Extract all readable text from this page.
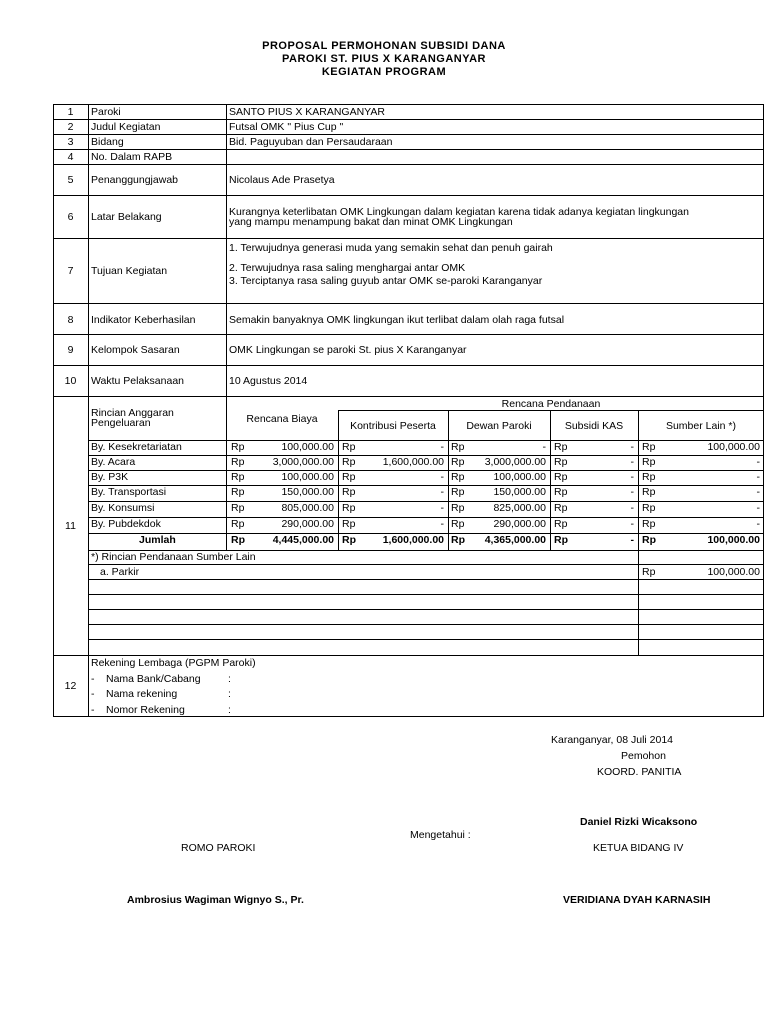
PROPOSAL PERMOHONAN SUBSIDI DANA
PAROKI ST. PIUS X KARANGANYAR
KEGIATAN PROGRAM
1	Paroki	SANTO PIUS X KARANGANYAR
2	Judul Kegiatan	Futsal OMK " Pius Cup "
3	Bidang	Bid. Paguyuban dan Persaudaraan
4	No. Dalam RAPB
5	Penanggungjawab	Nicolaus Ade Prasetya
6	Latar Belakang	Kurangnya keterlibatan OMK Lingkungan dalam kegiatan karena tidak adanya kegiatan lingkungan
yang mampu menampung bakat dan minat OMK Lingkungan
7	Tujuan Kegiatan
1. Terwujudnya generasi muda yang semakin sehat dan penuh gairah
2. Terwujudnya rasa saling menghargai antar OMK
3. Terciptanya rasa saling guyub antar OMK se-paroki Karanganyar
8	Indikator Keberhasilan	Semakin banyaknya OMK lingkungan ikut terlibat dalam olah raga futsal
9	Kelompok Sasaran	OMK Lingkungan se paroki St. pius X Karanganyar
10	Waktu Pelaksanaan	10 Agustus 2014
11
Rincian Anggaran
Pengeluaran	Rencana Biaya
Rencana Pendanaan
Kontribusi Peserta	Dewan Paroki	Subsidi KAS	Sumber Lain *)
By. Kesekretariatan	Rp	100,000.00 Rp	- Rp	- Rp	- Rp	100,000.00
By. Acara	Rp	3,000,000.00 Rp	1,600,000.00 Rp	3,000,000.00 Rp	- Rp	-
By. P3K	Rp	100,000.00 Rp	- Rp	100,000.00 Rp	- Rp	-
By. Transportasi	Rp	150,000.00 Rp	- Rp	150,000.00 Rp	- Rp	-
By. Konsumsi	Rp	805,000.00 Rp	- Rp	825,000.00 Rp	- Rp	-
By. Pubdekdok	Rp	290,000.00 Rp	- Rp	290,000.00 Rp	- Rp	-
Jumlah	Rp	4,445,000.00 Rp	1,600,000.00 Rp	4,365,000.00 Rp	- Rp	100,000.00
*) Rincian Pendanaan Sumber Lain
a. Parkir	Rp	100,000.00
12
Rekening Lembaga (PGPM Paroki)
- Nama Bank/Cabang	:
- Nama rekening	:
- Nomor Rekening	:
Karanganyar, 08 Juli 2014
Pemohon
KOORD. PANITIA
Daniel Rizki Wicaksono
Mengetahui :
ROMO PAROKI	KETUA BIDANG IV
Ambrosius Wagiman Wignyo S., Pr.	VERIDIANA DYAH KARNASIH
